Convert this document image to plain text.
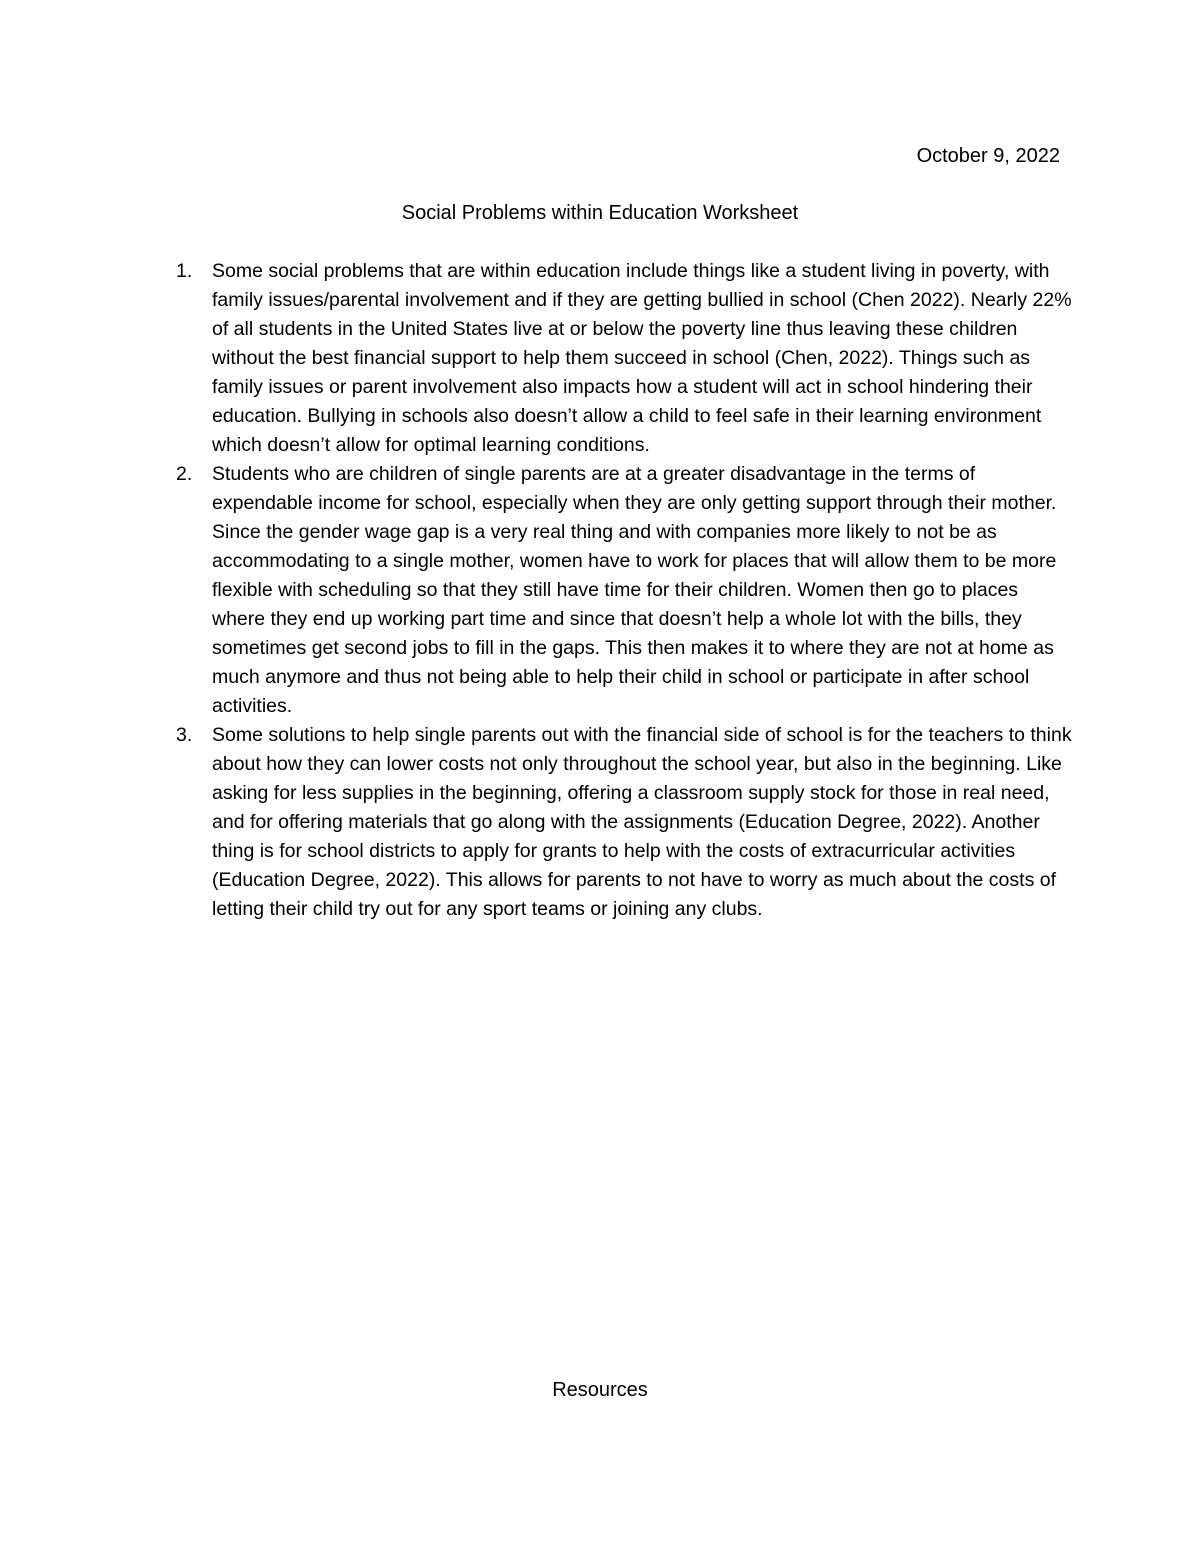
October 9, 2022
Social Problems within Education Worksheet
1. Some social problems that are within education include things like a student living in poverty, with family issues/parental involvement and if they are getting bullied in school (Chen 2022). Nearly 22% of all students in the United States live at or below the poverty line thus leaving these children without the best financial support to help them succeed in school (Chen, 2022). Things such as family issues or parent involvement also impacts how a student will act in school hindering their education. Bullying in schools also doesn’t allow a child to feel safe in their learning environment which doesn’t allow for optimal learning conditions.
2. Students who are children of single parents are at a greater disadvantage in the terms of expendable income for school, especially when they are only getting support through their mother. Since the gender wage gap is a very real thing and with companies more likely to not be as accommodating to a single mother, women have to work for places that will allow them to be more flexible with scheduling so that they still have time for their children. Women then go to places where they end up working part time and since that doesn’t help a whole lot with the bills, they sometimes get second jobs to fill in the gaps. This then makes it to where they are not at home as much anymore and thus not being able to help their child in school or participate in after school activities.
3. Some solutions to help single parents out with the financial side of school is for the teachers to think about how they can lower costs not only throughout the school year, but also in the beginning. Like asking for less supplies in the beginning, offering a classroom supply stock for those in real need, and for offering materials that go along with the assignments (Education Degree, 2022). Another thing is for school districts to apply for grants to help with the costs of extracurricular activities (Education Degree, 2022). This allows for parents to not have to worry as much about the costs of letting their child try out for any sport teams or joining any clubs.
Resources
